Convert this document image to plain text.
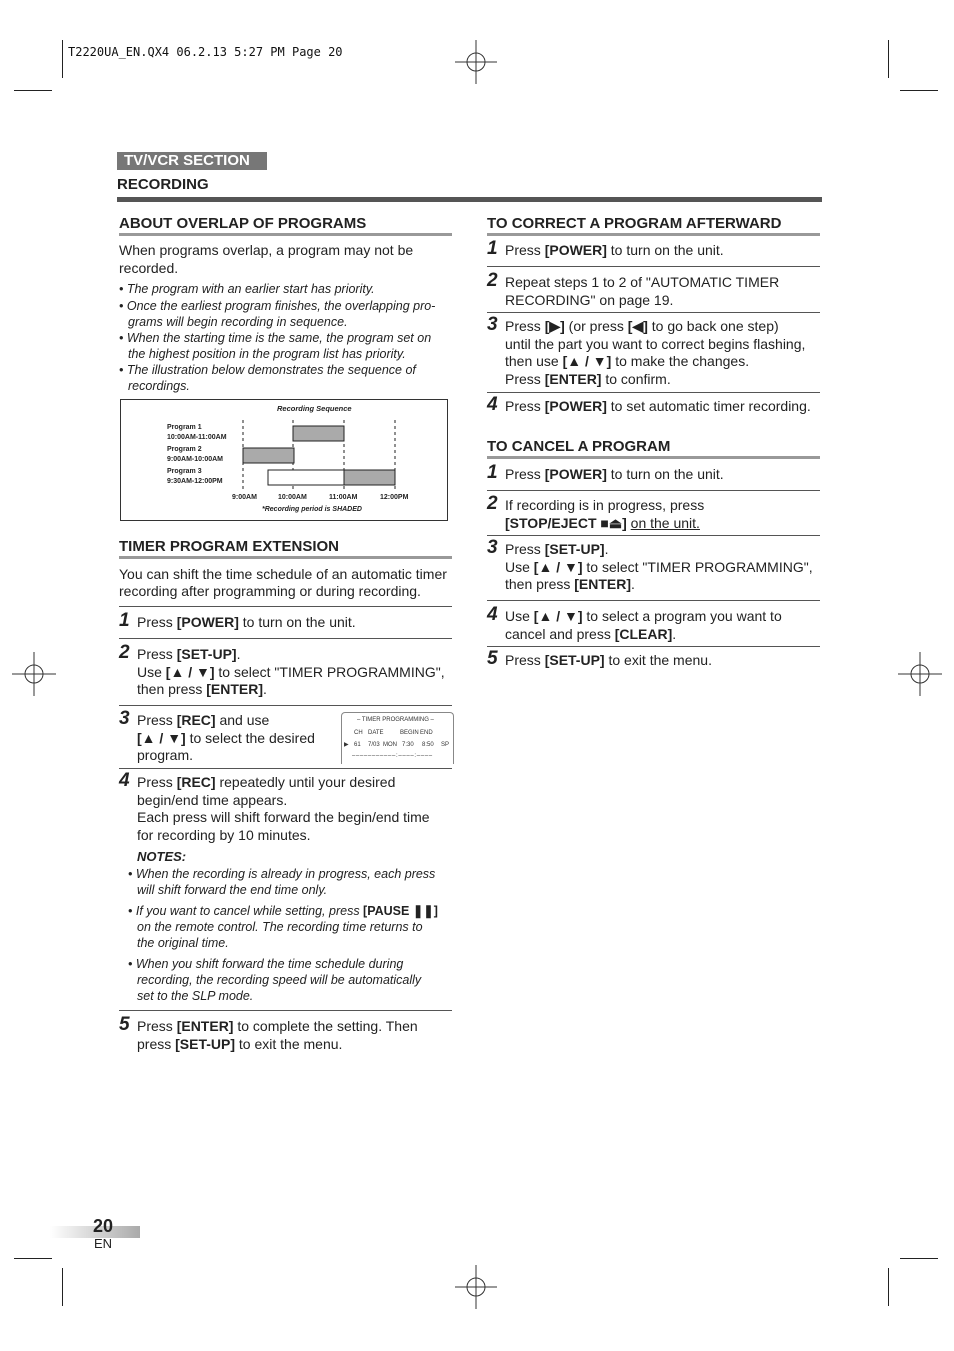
T2220UA_EN.QX4 06.2.13 5:27 PM Page 20
TV/VCR SECTION
RECORDING
ABOUT OVERLAP OF PROGRAMS
When programs overlap, a program may not be
recorded.
• The program with an earlier start has priority.
• Once the earliest program finishes, the overlapping pro-
grams will begin recording in sequence.
• When the starting time is the same, the program set on
the highest position in the program list has priority.
• The illustration below demonstrates the sequence of
recordings.
Recording Sequence
Program 1
10:00AM-11:00AM
Program 2
9:00AM-10:00AM
Program 3
9:30AM-12:00PM
9:00AM	10:00AM	11:00AM	12:00PM
*Recording period is SHADED
TIMER PROGRAM EXTENSION
You can shift the time schedule of an automatic timer
recording after programming or during recording.
1 Press [POWER] to turn on the unit.
2 Press [SET-UP].
Use [▲ / ▼] to select "TIMER PROGRAMMING",
then press [ENTER].
3 Press [REC] and use
[▲ / ▼] to select the desired
program.
– TIMER PROGRAMMING –
CH DATE	BEGIN END
▶ 61 7/03 MON 7:30 8:50 SP
– – – – – – – – – – – : – – – – : – – – –
4 Press [REC] repeatedly until your desired
begin/end time appears.
Each press will shift forward the begin/end time
for recording by 10 minutes.
NOTES:
• When the recording is already in progress, each press
will shift forward the end time only.
• If you want to cancel while setting, press [PAUSE ❚❚]
on the remote control. The recording time returns to
the original time.
• When you shift forward the time schedule during
recording, the recording speed will be automatically
set to the SLP mode.
5 Press [ENTER] to complete the setting. Then
press [SET-UP] to exit the menu.
TO CORRECT A PROGRAM AFTERWARD
1 Press [POWER] to turn on the unit.
2 Repeat steps 1 to 2 of "AUTOMATIC TIMER
RECORDING" on page 19.
3 Press [▶] (or press [◀] to go back one step)
until the part you want to correct begins flashing,
then use [▲ / ▼] to make the changes.
Press [ENTER] to confirm.
4 Press [POWER] to set automatic timer recording.
TO CANCEL A PROGRAM
1 Press [POWER] to turn on the unit.
2 If recording is in progress, press
[STOP/EJECT ■⏏] on the unit.
3 Press [SET-UP].
Use [▲ / ▼] to select "TIMER PROGRAMMING",
then press [ENTER].
4 Use [▲ / ▼] to select a program you want to
cancel and press [CLEAR].
5 Press [SET-UP] to exit the menu.
20
EN
